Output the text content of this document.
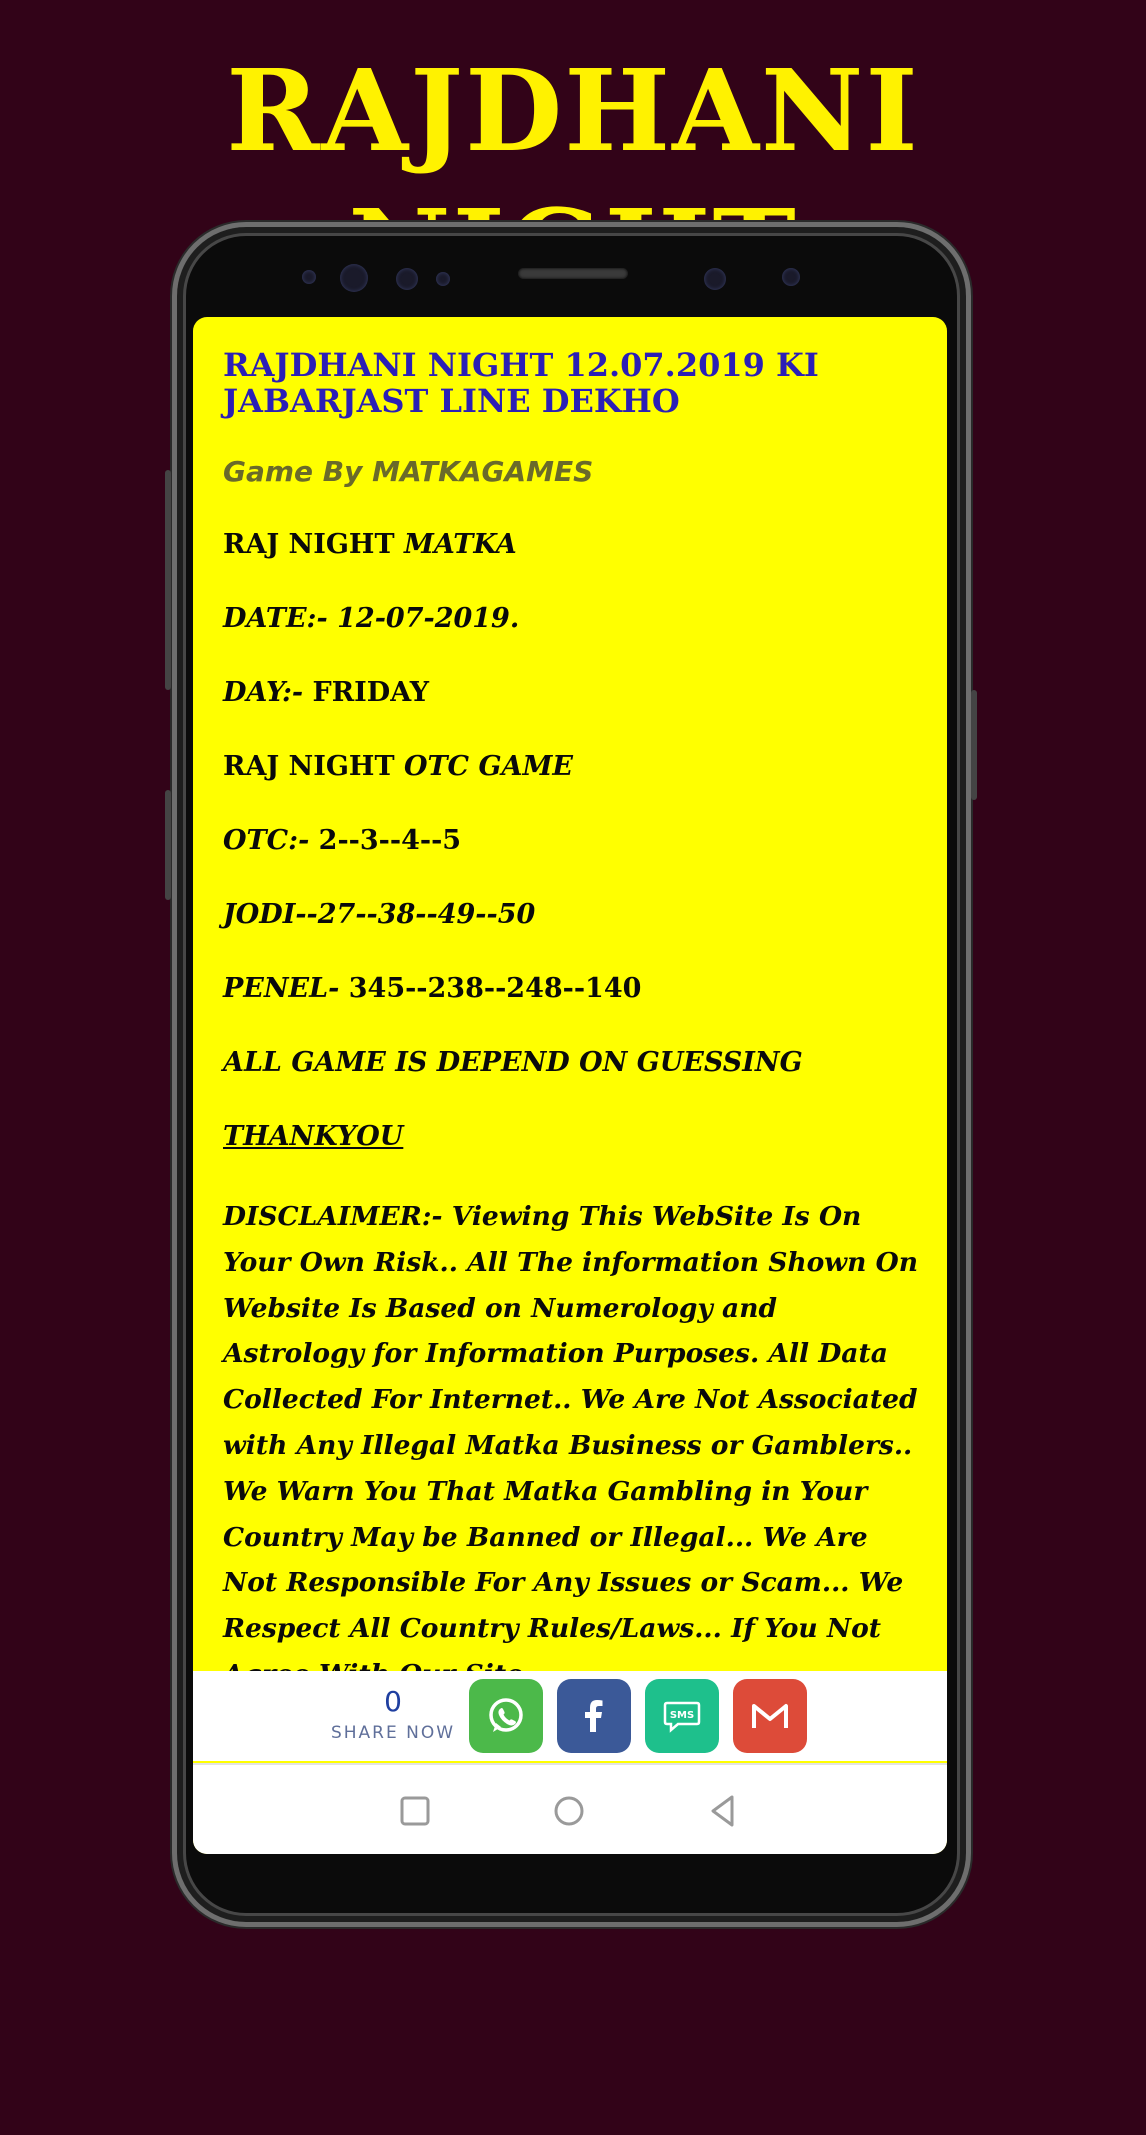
RAJDHANI
RAJDHANI NIGHT 12.07.2019 KI JABARJAST LINE DEKHO
Game By MATKAGAMES
RAJ NIGHT MATKA
DATE:- 12-07-2019.
DAY:- FRIDAY
RAJ NIGHT OTC GAME
OTC:- 2--3--4--5
JODI--27--38--49--50
PENEL- 345--238--248--140
ALL GAME IS DEPEND ON GUESSING
THANKYOU
DISCLAIMER:- Viewing This WebSite Is On Your Own Risk.. All The information Shown On Website Is Based on Numerology and Astrology for Information Purposes. All Data Collected For Internet.. We Are Not Associated with Any Illegal Matka Business or Gamblers.. We Warn You That Matka Gambling in Your Country May be Banned or Illegal... We Are Not Responsible For Any Issues or Scam... We Respect All Country Rules/Laws... If You Not
0
SHARE NOW
SMS
